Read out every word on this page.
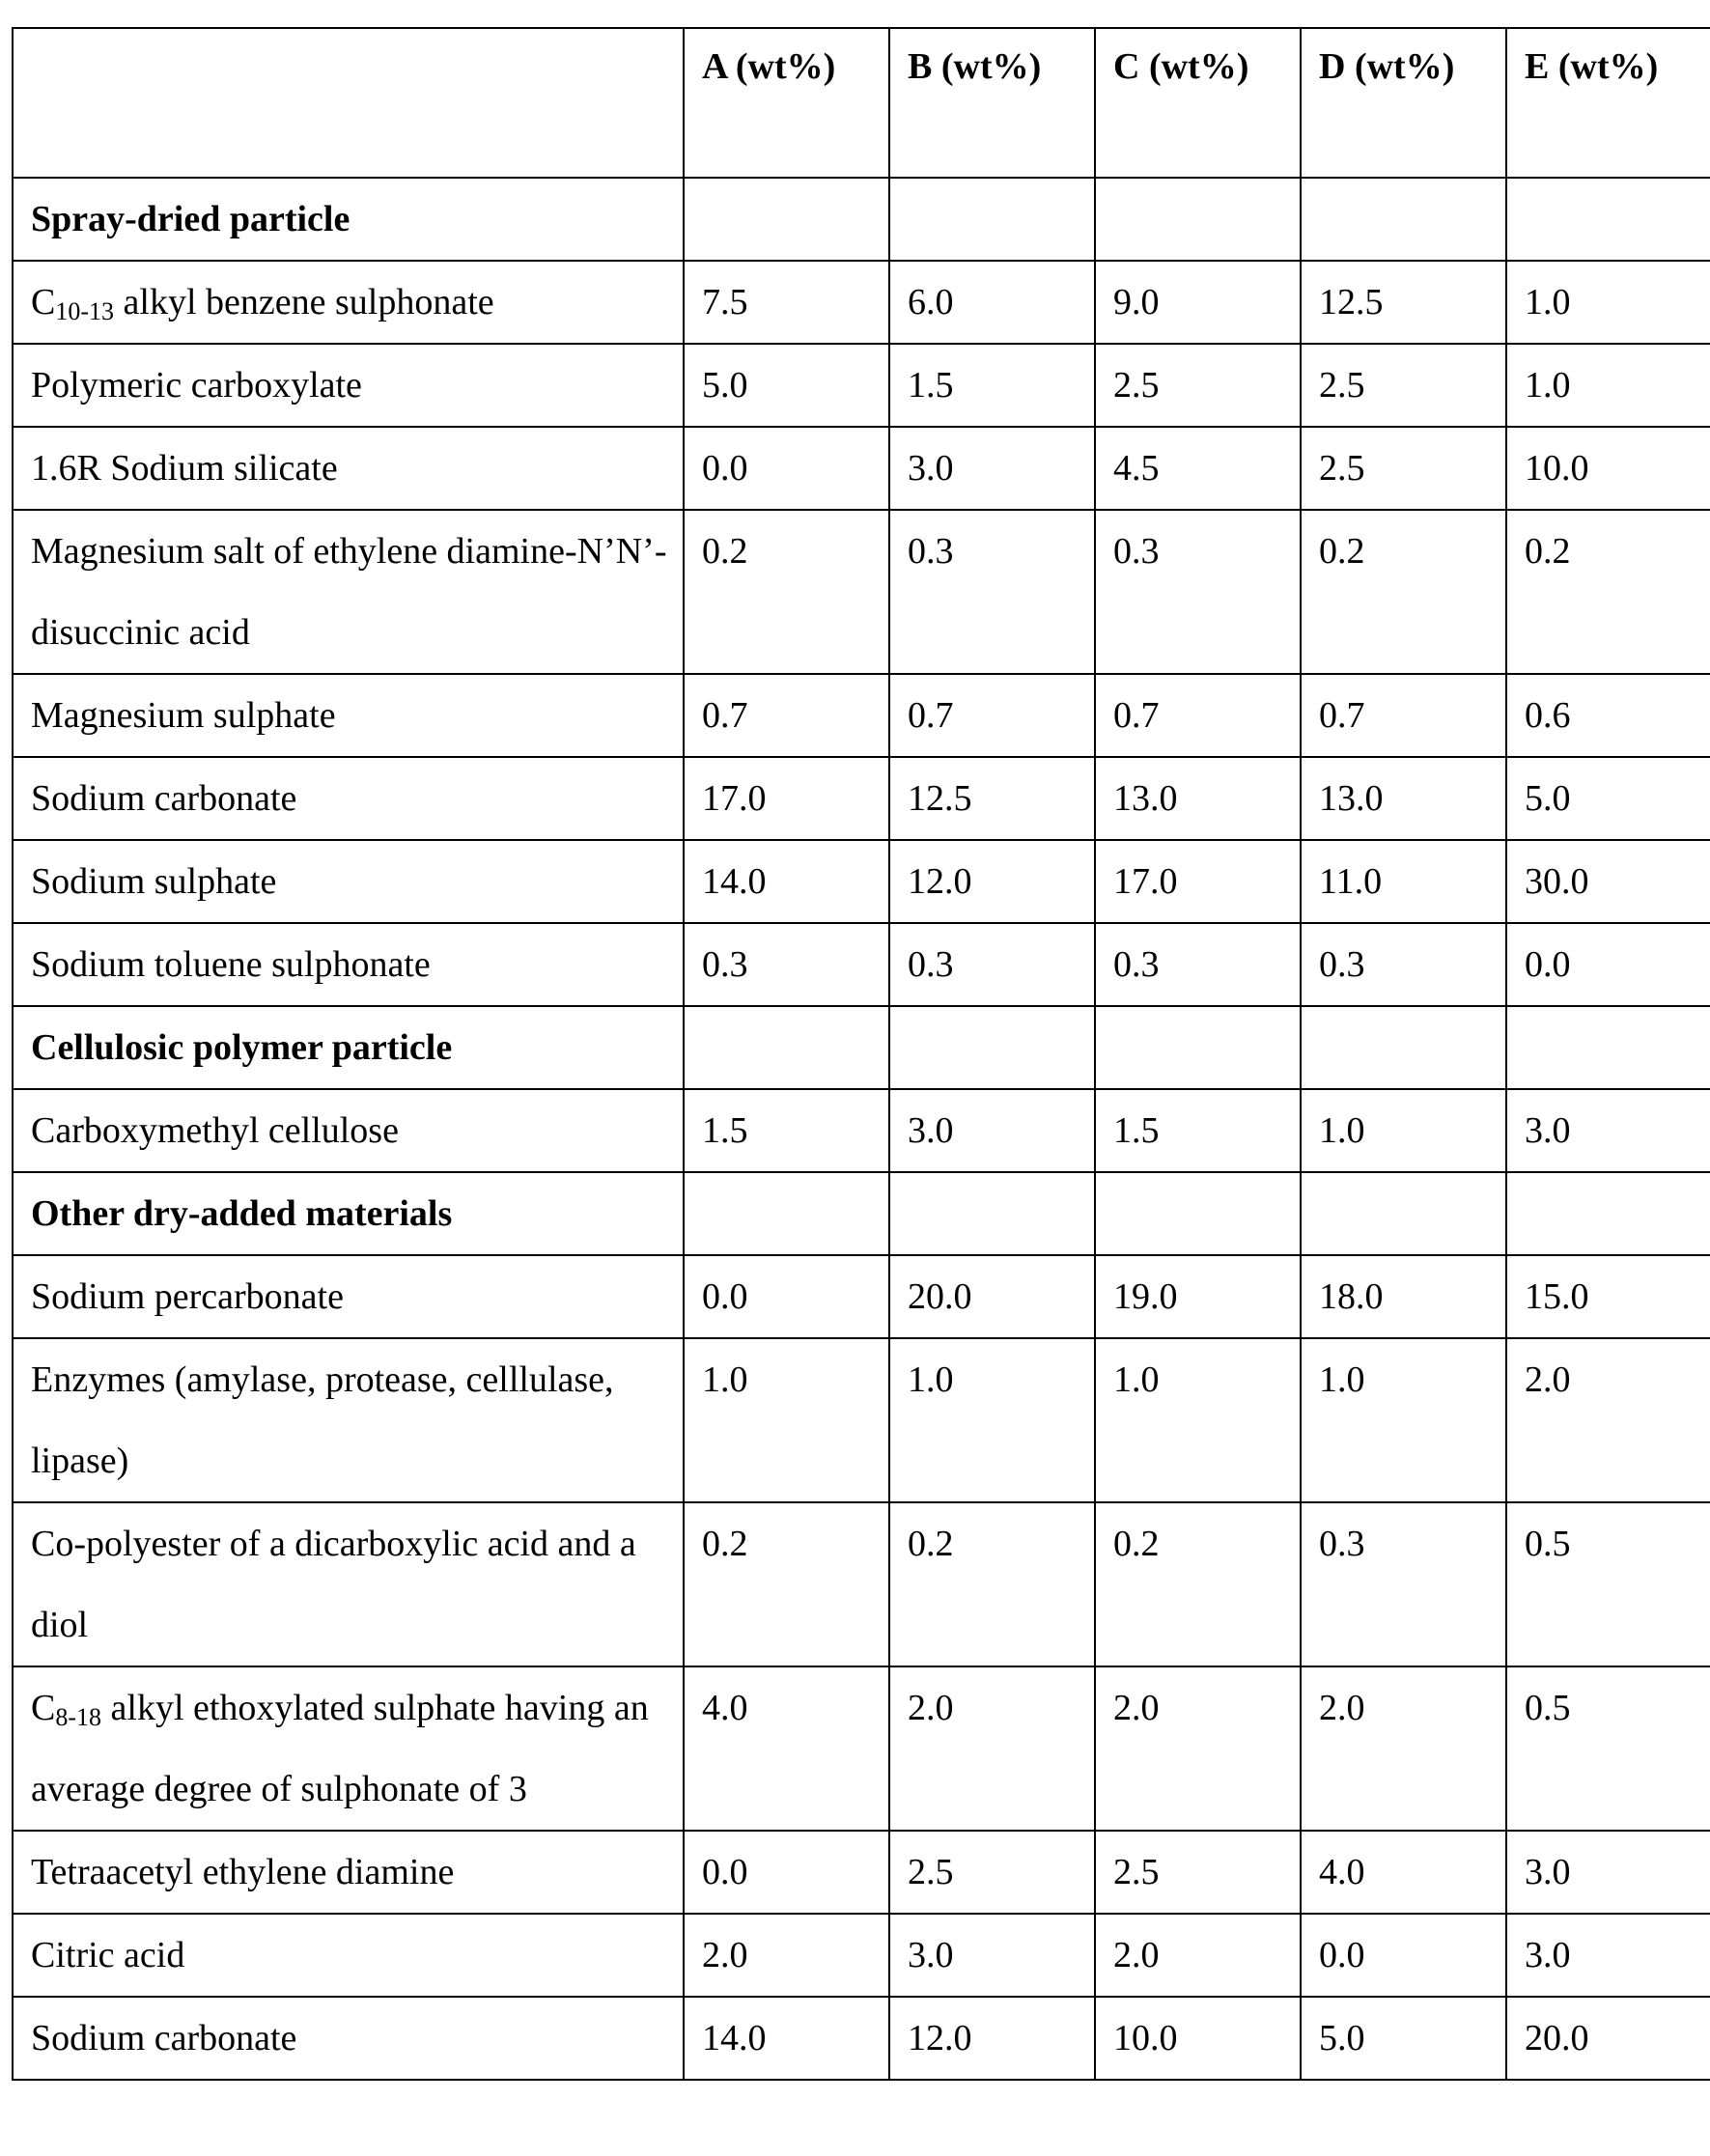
	A (wt%)	B (wt%)	C (wt%)	D (wt%)	E (wt%)
Spray-dried particle					
C10-13 alkyl benzene sulphonate	7.5	6.0	9.0	12.5	1.0
Polymeric carboxylate	5.0	1.5	2.5	2.5	1.0
1.6R Sodium silicate	0.0	3.0	4.5	2.5	10.0
Magnesium salt of ethylene diamine-N’N’-disuccinic acid	0.2	0.3	0.3	0.2	0.2
Magnesium sulphate	0.7	0.7	0.7	0.7	0.6
Sodium carbonate	17.0	12.5	13.0	13.0	5.0
Sodium sulphate	14.0	12.0	17.0	11.0	30.0
Sodium toluene sulphonate	0.3	0.3	0.3	0.3	0.0
Cellulosic polymer particle					
Carboxymethyl cellulose	1.5	3.0	1.5	1.0	3.0
Other dry-added materials					
Sodium percarbonate	0.0	20.0	19.0	18.0	15.0
Enzymes (amylase, protease, celllulase, lipase)	1.0	1.0	1.0	1.0	2.0
Co-polyester of a dicarboxylic acid and a diol	0.2	0.2	0.2	0.3	0.5
C8-18 alkyl ethoxylated sulphate having an average degree of sulphonate of 3	4.0	2.0	2.0	2.0	0.5
Tetraacetyl ethylene diamine	0.0	2.5	2.5	4.0	3.0
Citric acid	2.0	3.0	2.0	0.0	3.0
Sodium carbonate	14.0	12.0	10.0	5.0	20.0
